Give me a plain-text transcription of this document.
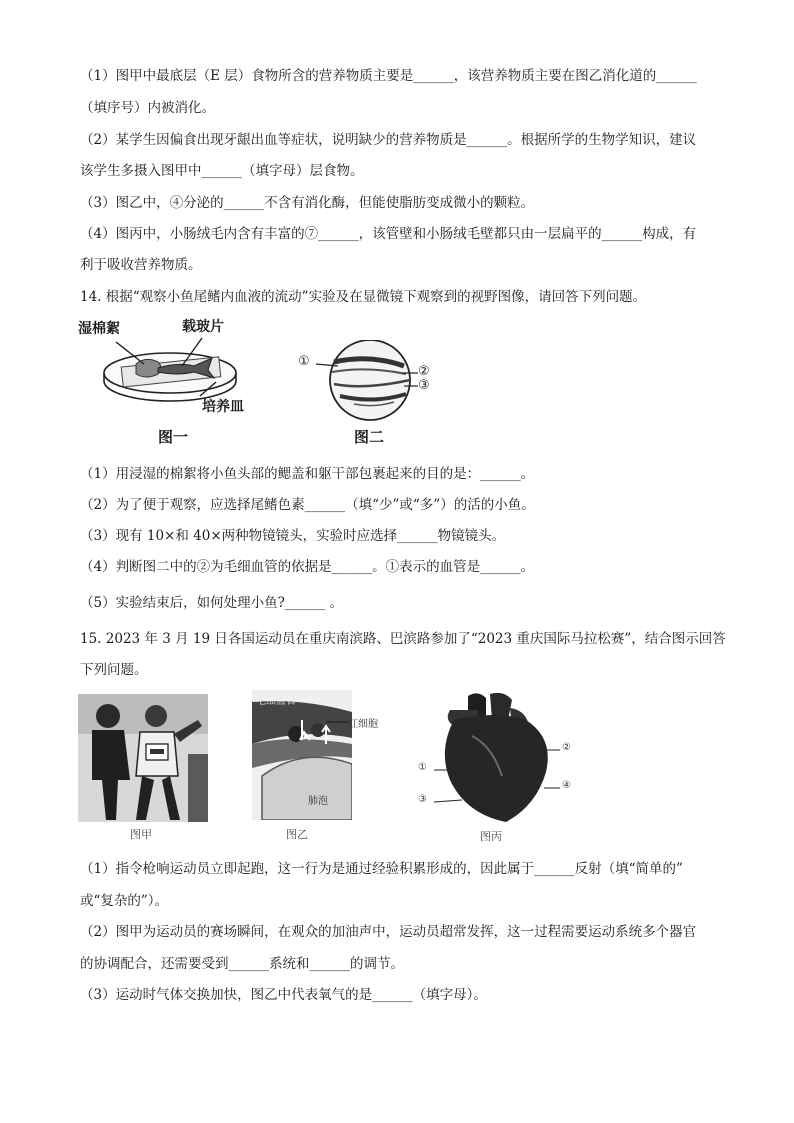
（1）图甲中最底层（E 层）食物所含的营养物质主要是______，该营养物质主要在图乙消化道的______
（填序号）内被消化。
（2）某学生因偏食出现牙龈出血等症状，说明缺少的营养物质是______。根据所学的生物学知识，建议
该学生多摄入图甲中______（填字母）层食物。
（3）图乙中，④分泌的______不含有消化酶，但能使脂肪变成微小的颗粒。
（4）图丙中，小肠绒毛内含有丰富的⑦______，该管壁和小肠绒毛壁都只由一层扁平的______构成，有
利于吸收营养物质。
14. 根据“观察小鱼尾鳍内血液的流动”实验及在显微镜下观察到的视野图像，请回答下列问题。
湿棉絮	载玻片
培养皿
图一
①
②
③
图二
（1）用浸湿的棉絮将小鱼头部的鳃盖和躯干部包裹起来的目的是：______。
（2）为了便于观察，应选择尾鳍色素______（填“少”或“多”）的活的小鱼。
（3）现有 10×和 40×两种物镜镜头，实验时应选择______物镜镜头。
（4）判断图二中的②为毛细血管的依据是______。①表示的血管是______。
（5）实验结束后，如何处理小鱼?______ 。
15. 2023 年 3 月 19 日各国运动员在重庆南滨路、巴滨路参加了“2023 重庆国际马拉松赛”，结合图示回答
下列问题。
图甲
毛细血管
红细胞
肺泡
图乙
①
②
③
④
图丙
（1）指令枪响运动员立即起跑，这一行为是通过经验积累形成的，因此属于______反射（填“简单的”
或“复杂的”）。
（2）图甲为运动员的赛场瞬间，在观众的加油声中，运动员超常发挥，这一过程需要运动系统多个器官
的协调配合，还需要受到______系统和______的调节。
（3）运动时气体交换加快，图乙中代表氧气的是______（填字母）。
